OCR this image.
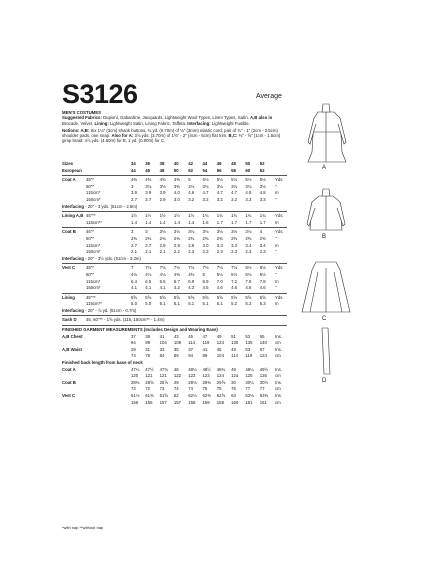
S3126	Average

MEN'S COSTUMES

Suggested Fabrics: Dupioni, Gabardine, Jacquards, Lightweight Wool Types, Linen Types, Satin. A,B also in Brocade, Velvet. Lining: Lightweight Satin, Lining Fabric, Taffeta. Interfacing: Lightweight Fusible.

Notions: A,B: Six 1⅛" (3cm) shank buttons, ¾ yd. (0.70m) of ⅛" (3mm) elastic cord, pair of ¾" - 1" (2cm - 2.5cm) shoulder pads, one snap. Also for A: 3⅞ yds. (3.70m) of 1⅝" - 2" (4cm - 5cm) flat trim. B,C: ⅜" - ⅝" (1cm - 1.5cm) gimp braid: 4⅞ yds. (4.60m) for B, 1 yd. (0.90m) for C.

Sizes	34 36 38 40 42 44 46 48 50 52
European	44 46 48 50 52 54 56 58 60 62
Coat A 45"*	4⅜ 4⅜ 4⅜ 4⅜ 5	5⅛ 5⅛ 5⅛ 5⅛ 5⅛ Yds.
60"*	3	3⅛ 3⅛ 3⅜ 3⅛ 3⅛ 3⅛ 3⅛ 3⅛ 3⅛ "
115cm*	3.9 3.9 3.9 4.0 4.6 4.7 4.7 4.7 4.8 4.8 m
150cm*	2.7 2.7 2.9 3.0 3.2 3.2 3.2 3.2 3.3 3.3 "
Interfacing - 20" - 3 yds. (51cm - 2.6m)
Lining A,B 45"**	1½ 1½ 1½ 1½ 1½ 1¾ 1¾ 1¾ 1¾ 1¾ Yds.
115cm**	1.4 1.4 1.4 1.4 1.4 1.6 1.7 1.7 1.7 1.7 m
Coat B 45"*	3	3	3⅛ 3⅛ 3⅛ 3⅛ 3⅛ 3⅛ 3⅛ 4	Yds.
60"*	2⅜ 2⅜ 2⅜ 2⅜ 2⅜ 2⅜ 2⅜ 2⅜ 2⅜ 2⅜ "
115cm*	2.7 2.7 2.9 2.9 2.9 3.0 3.3 3.3 3.4 3.4 m
150cm*	2.1 2.1 2.1 2.2 2.3 2.3 2.3 2.3 2.3 2.3 "
Interfacing - 20" - 3½ yds. (51cm - 3.2m)
Vest C	45"*	7	7⅛ 7⅛ 7⅛ 7⅛ 7⅛ 7⅛ 7⅛ 8⅛ 8⅛ Yds.
60"*	4⅛ 4⅛ 4⅛ 4⅜ 4⅜ 5	5⅛ 5⅛ 5⅛ 5⅛ "
115cm*	6.4 6.5 6.5 6.7 6.9 6.9 7.0 7.2 7.5 7.8 m
150cm*	4.1 4.1 4.1 4.2 4.3 4.5 4.6 4.6 4.6 4.6 "
Lining	45"**	5⅝ 5⅝ 5⅝ 5⅝ 5⅝ 5⅝ 5⅝ 5⅝ 5⅝ 5⅝ Yds.
115cm**	5.0 5.0 5.1 5.1 5.1 5.1 5.1 5.2 5.3 5.3 m
Interfacing - 20" - ⅞ yd. (51cm - 0.7m)
Sash D 45, 60"** - 1⅝ yds. (115, 150cm** - 1.4m)
FINISHED GARMENT MEASUREMENTS (Includes Design and Wearing Ease)
A,B Chest	37 39 41 43 45 47 49 51 53 55 Ins.
94 99 104 109 114 119 124 130 135 140 cm
A,B Waist	29 31 33 35 37 41 45 49 53 57 Ins.
74 79 84 89 94 99 104 114 119 124 cm
Finished back length from base of neck
Coat A	47¼ 47½ 47¾ 48 48¼ 48½ 48¾ 49 49¼ 49½ Ins.
120 121 121 122 123 123 124 124 125 126 cm
Coat B	28⅜ 28⅝ 28⅞ 29 29⅛ 29⅜ 29⅝ 30 30¼ 30½ Ins.
72 72 73 74 74 75 75 76 77 77 cm
Vest C	61⅛ 61⅜ 61⅝ 62 62⅛ 62⅜ 62⅝ 63 63⅛ 63⅜ Ins.
156 156 157 157 158 159 159 160 161 161 cm
A
B
C
D
*with nap **without nap
